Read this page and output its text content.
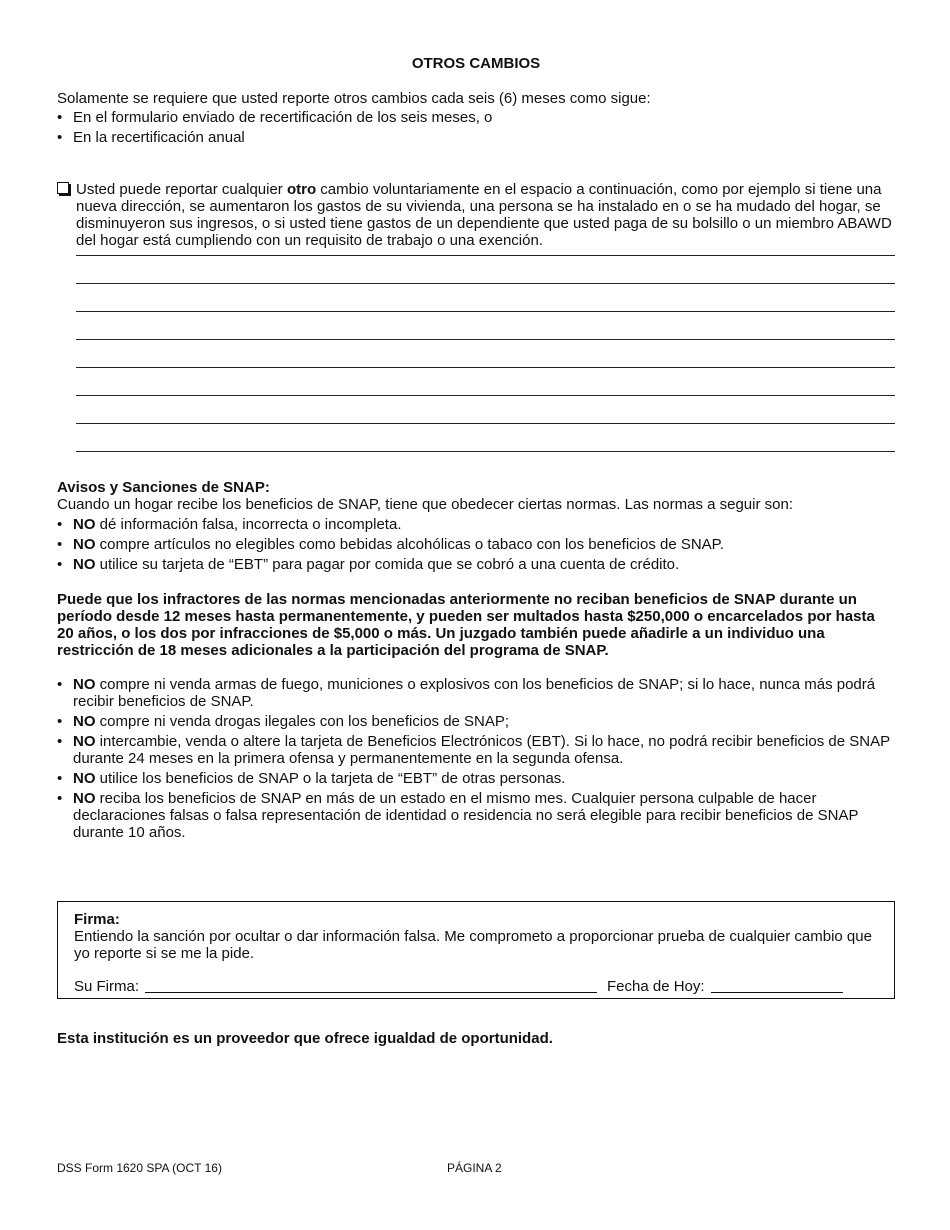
OTROS CAMBIOS
Solamente se requiere que usted reporte otros cambios cada seis (6) meses como sigue:
• En el formulario enviado de recertificación de los seis meses, o
• En la recertificación anual
Usted puede reportar cualquier otro cambio voluntariamente en el espacio a continuación, como por ejemplo si tiene una nueva dirección, se aumentaron los gastos de su vivienda, una persona se ha instalado en o se ha mudado del hogar, se disminuyeron sus ingresos, o si usted tiene gastos de un dependiente que usted paga de su bolsillo o un miembro ABAWD del hogar está cumpliendo con un requisito de trabajo o una exención.
Avisos y Sanciones de SNAP:
Cuando un hogar recibe los beneficios de SNAP, tiene que obedecer ciertas normas. Las normas a seguir son:
• NO dé información falsa, incorrecta o incompleta.
• NO compre artículos no elegibles como bebidas alcohólicas o tabaco con los beneficios de SNAP.
• NO utilice su tarjeta de “EBT” para pagar por comida que se cobró a una cuenta de crédito.
Puede que los infractores de las normas mencionadas anteriormente no reciban beneficios de SNAP durante un período desde 12 meses hasta permanentemente, y pueden ser multados hasta $250,000 o encarcelados por hasta 20 años, o los dos por infracciones de $5,000 o más. Un juzgado también puede añadirle a un individuo una restricción de 18 meses adicionales a la participación del programa de SNAP.
• NO compre ni venda armas de fuego, municiones o explosivos con los beneficios de SNAP; si lo hace, nunca más podrá recibir beneficios de SNAP.
• NO compre ni venda drogas ilegales con los beneficios de SNAP;
• NO intercambie, venda o altere la tarjeta de Beneficios Electrónicos (EBT). Si lo hace, no podrá recibir beneficios de SNAP durante 24 meses en la primera ofensa y permanentemente en la segunda ofensa.
• NO utilice los beneficios de SNAP o la tarjeta de “EBT” de otras personas.
• NO reciba los beneficios de SNAP en más de un estado en el mismo mes. Cualquier persona culpable de hacer declaraciones falsas o falsa representación de identidad o residencia no será elegible para recibir beneficios de SNAP durante 10 años.
Firma:
Entiendo la sanción por ocultar o dar información falsa. Me comprometo a proporcionar prueba de cualquier cambio que yo reporte si se me la pide.
Su Firma:	Fecha de Hoy:
Esta institución es un proveedor que ofrece igualdad de oportunidad.
DSS Form 1620 SPA (OCT 16)	PÁGINA 2
